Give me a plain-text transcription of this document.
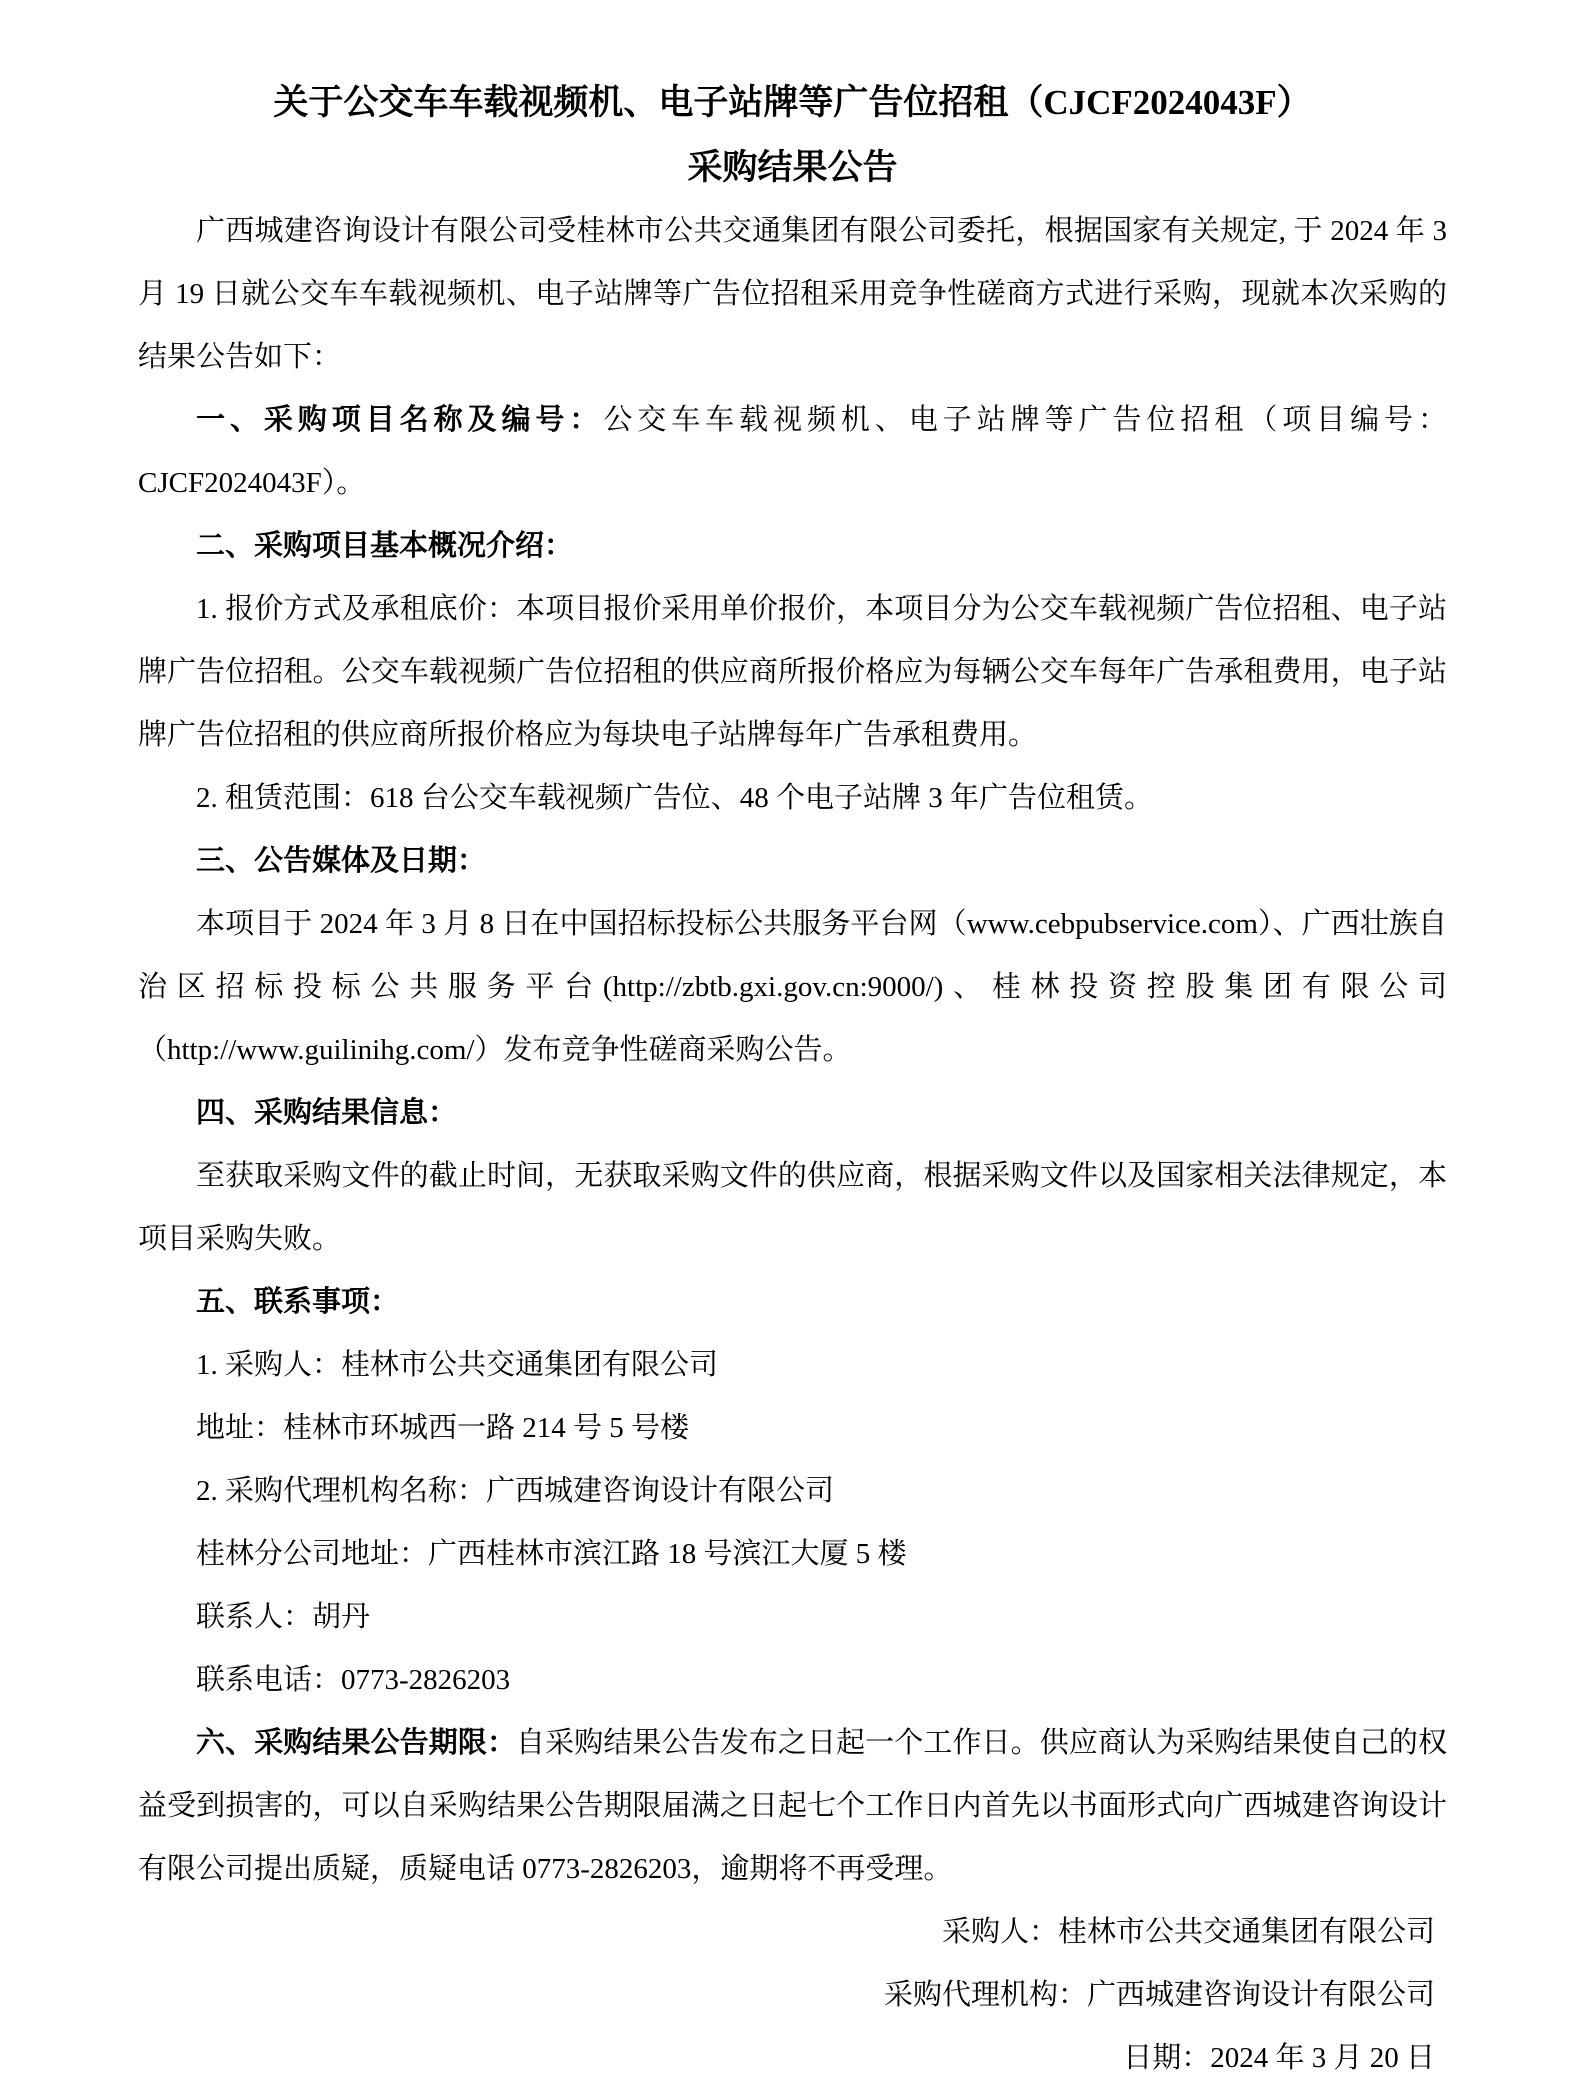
关于公交车车载视频机、电子站牌等广告位招租（CJCF2024043F）
采购结果公告

广西城建咨询设计有限公司受桂林市公共交通集团有限公司委托，根据国家有关规定, 于 2024 年 3 月 19 日就公交车车载视频机、电子站牌等广告位招租采用竞争性磋商方式进行采购，现就本次采购的结果公告如下：

一、采购项目名称及编号：公交车车载视频机、电子站牌等广告位招租（项目编号：CJCF2024043F）。

二、采购项目基本概况介绍：

1. 报价方式及承租底价：本项目报价采用单价报价，本项目分为公交车载视频广告位招租、电子站牌广告位招租。公交车载视频广告位招租的供应商所报价格应为每辆公交车每年广告承租费用，电子站牌广告位招租的供应商所报价格应为每块电子站牌每年广告承租费用。

2. 租赁范围：618 台公交车载视频广告位、48 个电子站牌 3 年广告位租赁。

三、公告媒体及日期：

本项目于 2024 年 3 月 8 日在中国招标投标公共服务平台网（www.cebpubservice.com）、广西壮族自治区招标投标公共服务平台(http://zbtb.gxi.gov.cn:9000/)、桂林投资控股集团有限公司（http://www.guilinihg.com/）发布竞争性磋商采购公告。

四、采购结果信息：

至获取采购文件的截止时间，无获取采购文件的供应商，根据采购文件以及国家相关法律规定，本项目采购失败。

五、联系事项：

1. 采购人：桂林市公共交通集团有限公司

地址：桂林市环城西一路 214 号 5 号楼

2. 采购代理机构名称：广西城建咨询设计有限公司

桂林分公司地址：广西桂林市滨江路 18 号滨江大厦 5 楼

联系人：胡丹

联系电话：0773-2826203

六、采购结果公告期限：自采购结果公告发布之日起一个工作日。供应商认为采购结果使自己的权益受到损害的，可以自采购结果公告期限届满之日起七个工作日内首先以书面形式向广西城建咨询设计有限公司提出质疑，质疑电话 0773-2826203，逾期将不再受理。

采购人：桂林市公共交通集团有限公司

采购代理机构：广西城建咨询设计有限公司

日期：2024 年 3 月 20 日
